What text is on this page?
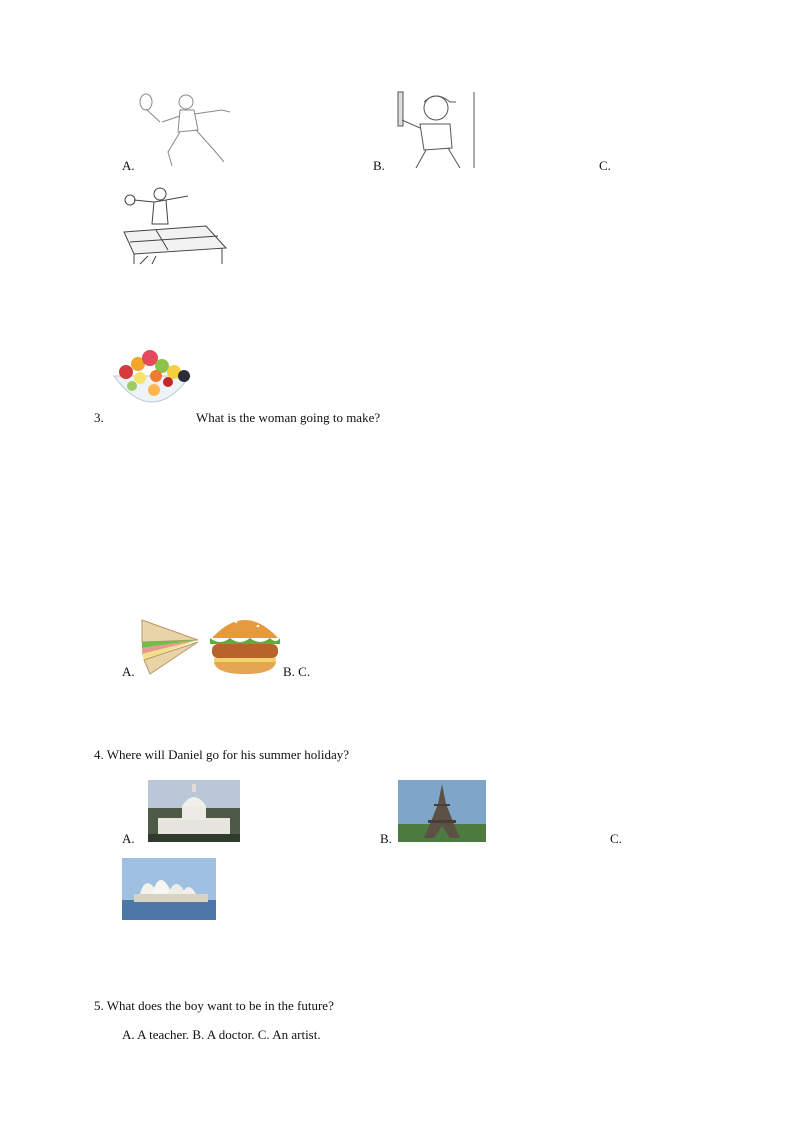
A.	B.	C.
3.	What is the woman going to make?
A.	B. C.
4. Where will Daniel go for his summer holiday?
A.	B.	C.
5. What does the boy want to be in the future?
A. A teacher. B. A doctor. C. An artist.
